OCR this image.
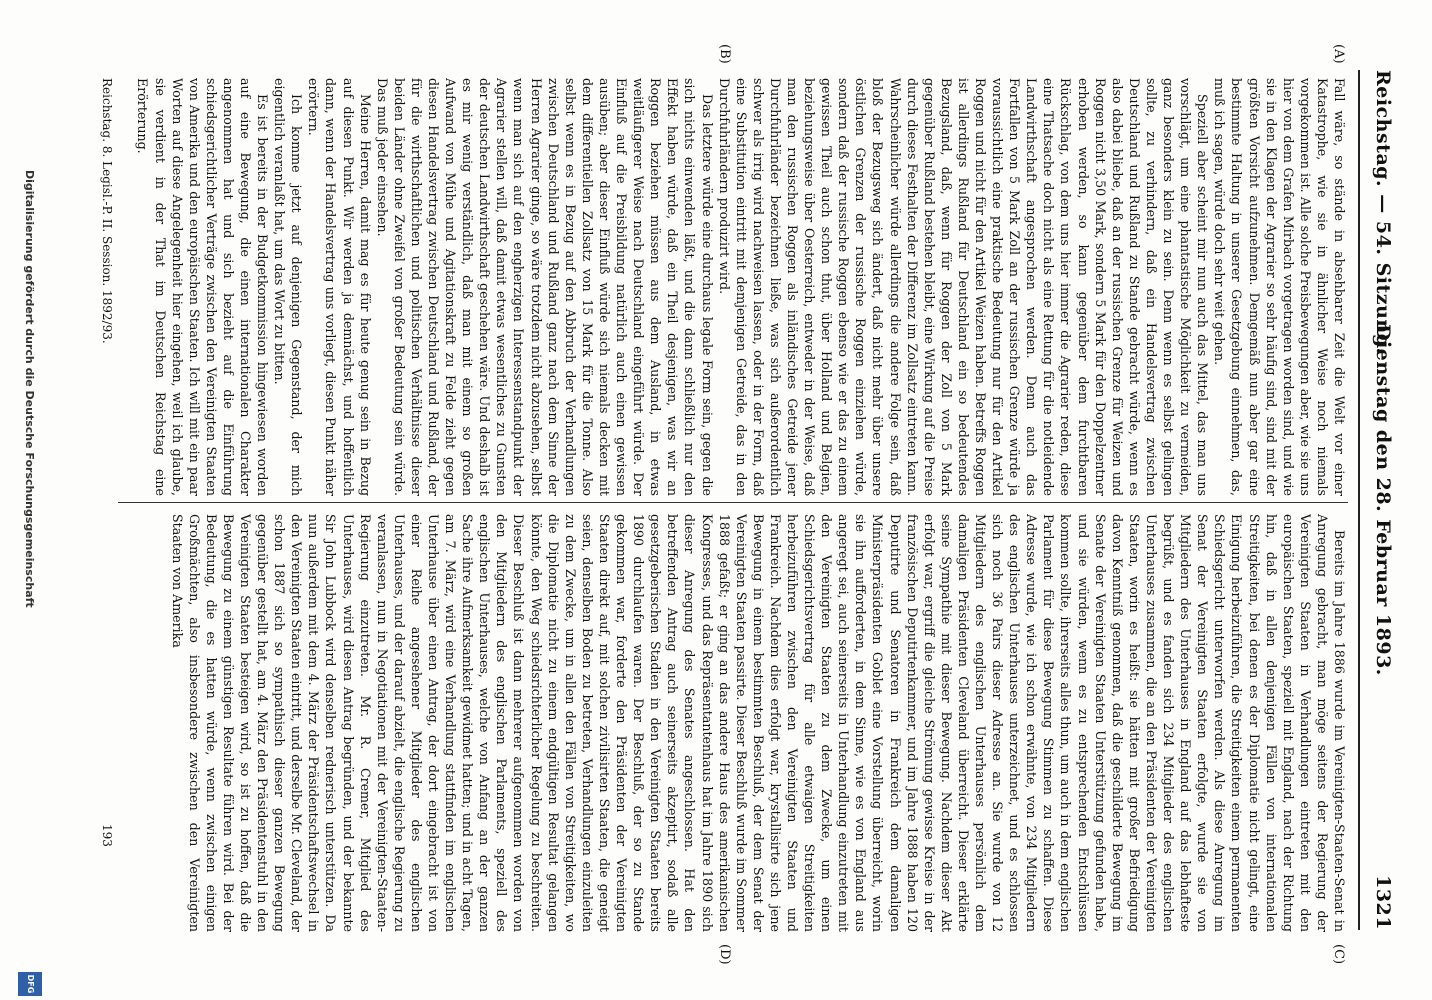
Reichstag. — 54. Sitzung.
Dienstag den 28. Februar 1893.
1321
(A)
(B)
(C)
(D)

Fall wäre, so stände in absehbarer Zeit die Welt vor einer Katastrophe, wie sie in ähnlicher Weise noch niemals vorgekommen ist. Alle solche Preisbewegungen aber, wie sie uns hier von dem Grafen Mirbach vorgetragen worden sind, und wie sie in den Klagen der Agrarier so sehr häufig sind, sind mit der größten Vorsicht aufzunehmen. Demgemäß nun aber gar eine bestimmte Haltung in unserer Gesetzgebung einnehmen, das, muß ich sagen, würde doch sehr weit gehen.

Speziell aber scheint mir nun auch das Mittel, das man uns vorschlägt, um eine phantastische Möglichkeit zu vermeiden, ganz besonders klein zu sein. Denn wenn es selbst gelingen sollte, zu verhindern, daß ein Handelsvertrag zwischen Deutschland und Rußland zu Stande gebracht würde, wenn es also dabei bliebe, daß an der russischen Grenze für Weizen und Roggen nicht 3,50 Mark, sondern 5 Mark für den Doppelzentner erhoben werden, so kann gegenüber dem furchtbaren Rückschlag, von dem uns hier immer die Agrarier reden, diese eine Thatsache doch nicht als eine Rettung für die notleidende Landwirthschaft angesprochen werden. Denn auch das Fortfallen von 5 Mark Zoll an der russischen Grenze würde ja voraussichtlich eine praktische Bedeutung nur für den Artikel Roggen und nicht für den Artikel Weizen haben. Betreffs Roggen ist allerdings Rußland für Deutschland ein so bedeutendes Bezugsland, daß, wenn für Roggen der Zoll von 5 Mark gegenüber Rußland bestehen bleibt, eine Wirkung auf die Preise durch dieses Festhalten der Differenz im Zollsatz eintreten kann. Wahrscheinlicher würde allerdings die andere Folge sein, daß bloß der Bezugsweg sich ändert, daß nicht mehr über unsere östlichen Grenzen der russische Roggen einziehen würde, sondern daß der russische Roggen ebenso wie er das zu einem gewissen Theil auch schon thut, über Holland und Belgien, beziehungsweise über Oesterreich, entweder in der Weise, daß man den russischen Roggen als inländisches Getreide jener Durchfuhrländer bezeichnen ließe, was sich außerordentlich schwer als irrig wird nachweisen lassen, oder in der Form, daß eine Substitution eintritt mit demjenigen Getreide, das in den Durchfuhrländern produzirt wird.

Das letztere würde eine durchaus legale Form sein, gegen die sich nichts einwenden läßt, und die dann schließlich nur den Effekt haben würde, daß ein Theil desjenigen, was wir an Roggen beziehen müssen aus dem Ausland, in etwas weitläufigerer Weise nach Deutschland eingeführt würde. Der Einfluß auf die Preisbildung natürlich auch einen gewissen ausüben; aber dieser Einfluß würde sich niemals decken mit dem differentiellen Zollsatz von 15 Mark für die Tonne. Also selbst wenn es in Bezug auf den Abbruch der Verhandlungen zwischen Deutschland und Rußland ganz nach dem Sinne der Herren Agrarier ginge, so wäre trotzdem nicht abzusehen, selbst wenn man sich auf den engherzigen Interessenstandpunkt der Agrarier stellen will, daß damit etwas wesentliches zu Gunsten der deutschen Landwirthschaft geschehen wäre. Und deshalb ist es mir wenig verständlich, daß man mit einem so großen Aufwand von Mühe und Agitationskraft zu Felde zieht gegen diesen Handelsvertrag zwischen Deutschland und Rußland, der für die wirthschaftlichen und politischen Verhältnisse dieser beiden Länder ohne Zweifel von großer Bedeutung sein würde. Das muß jeder einsehen.

Meine Herren, damit mag es für heute genug sein in Bezug auf diesen Punkt. Wir werden ja demnächst, und hoffentlich dann, wenn der Handelsvertrag uns vorliegt, diesen Punkt näher erörtern.

Ich komme jetzt auf denjenigen Gegenstand, der mich eigentlich veranlaßt hat, um das Wort zu bitten.

Es ist bereits in der Budgetkommission hingewiesen worden auf eine Bewegung, die einen internationalen Charakter angenommen hat und sich bezieht auf die Einführung schiedsgerichtlicher Verträge zwischen den Vereinigten Staaten von Amerika und den europäischen Staaten. Ich will mit ein paar Worten auf diese Angelegenheit hier eingehen, weil ich glaube, sie verdient in der That im Deutschen Reichstag eine Erörterung.

Bereits im Jahre 1886 wurde im Vereinigten-Staaten-Senat in Anregung gebracht, man möge seitens der Regierung der Vereinigten Staaten in Verhandlungen eintreten mit den europäischen Staaten, speziell mit England, nach der Richtung hin, daß in allen denjenigen Fällen von internationalen Streitigkeiten, bei denen es der Diplomatie nicht gelingt, eine Einigung herbeizuführen, die Streitigkeiten einem permanenten Schiedsgericht unterworfen werden. Als diese Anregung im Senat der Vereinigten Staaten erfolgte, wurde sie von Mitgliedern des Unterhauses in England auf das lebhafteste begrüßt, und es fanden sich 234 Mitglieder des englischen Unterhauses zusammen, die an den Präsidenten der Vereinigten Staaten, worin es heißt: sie hätten mit großer Befriedigung davon Kenntniß genommen, daß die geschilderte Bewegung im Senate der Vereinigten Staaten Unterstützung gefunden habe, und sie würden, wenn es zu entsprechenden Entschlüssen kommen sollte, ihrerseits alles thun, um auch in dem englischen Parlament für diese Bewegung Stimmen zu schaffen. Diese Adresse wurde, wie ich schon erwähnte, von 234 Mitgliedern des englischen Unterhauses unterzeichnet, und es schlossen sich noch 36 Pairs dieser Adresse an. Sie wurde von 12 Mitgliedern des englischen Unterhauses persönlich dem damaligen Präsidenten Cleveland überreicht. Dieser erklärte seine Sympathie mit dieser Bewegung. Nachdem dieser Akt erfolgt war, ergriff die gleiche Strömung gewisse Kreise in der französischen Deputirtenkammer, und im Jahre 1888 haben 120 Deputirte und Senatoren in Frankreich dem damaligen Ministerpräsidenten Goblet eine Vorstellung überreicht, worin sie ihn aufforderten, in dem Sinne, wie es von England aus angeregt sei, auch seinerseits in Unterhandlung einzutreten mit den Vereinigten Staaten zu dem Zwecke, um einen Schiedsgerichtsvertrag für alle etwaigen Streitigkeiten herbeizuführen zwischen den Vereinigten Staaten und Frankreich. Nachdem dies erfolgt war, krystallisirte sich jene Bewegung in einem bestimmten Beschluß, der dem Senat der Vereinigten Staaten passirte. Dieser Beschluß wurde im Sommer 1888 gefaßt; er ging an das andere Haus des amerikanischen Kongresses, und das Repräsentantenhaus hat im Jahre 1890 sich dieser Anregung des Senates angeschlossen. Hat den betreffenden Antrag auch seinerseits akzeptirt, sodaß alle gesetzgeberischen Stadien in den Vereinigten Staaten bereits 1890 durchlaufen waren. Der Beschluß, der so zu Stande gekommen war, forderte den Präsidenten der Vereinigten Staaten direkt auf, mit solchen zivilisirten Staaten, die geneigt seien, denselben Boden zu betreten, Verhandlungen einzuleiten zu dem Zwecke, um in allen den Fällen von Streitigkeiten, wo die Diplomatie nicht zu einem endgültigen Resultat gelangen könnte, den Weg schiedsrichterlicher Regelung zu beschreiten. Dieser Beschluß ist dann mehrerer aufgenommen worden von den Mitgliedern des englischen Parlaments, speziell des englischen Unterhauses, welche von Anfang an der ganzen Sache ihre Aufmerksamkeit gewidmet hatten; und in acht Tagen, am 7. März, wird eine Verhandlung stattfinden im englischen Unterhause über einen Antrag, der dort eingebracht ist von einer Reihe angesehener Mitglieder des englischen Unterhauses, und der darauf abzielt, die englische Regierung zu veranlassen, nun in Negotiationen mit der Vereinigten-Staaten-Regierung einzutreten. Mr. R. Cremer, Mitglied des Unterhauses, wird diesen Antrag begründen, und der bekannte Sir John Lubbock wird denselben rednerisch unterstützen. Da nun außerdem mit dem 4. März der Präsidentschaftswechsel in den Vereinigten Staaten eintritt, und derselbe Mr. Cleveland, der schon 1887 sich so sympathisch dieser ganzen Bewegung gegenüber gestellt hat, am 4. März den Präsidentenstuhl in den Vereinigten Staaten besteigen wird, so ist zu hoffen, daß die Bewegung zu einem günstigen Resultate führen wird. Bei der Bedeutung, die es hatten würde, wenn zwischen einigen Großmächten, also insbesondere zwischen den Vereinigten Staaten von Amerika

Reichstag. 8. Legisl.-P. II. Session. 1892/93.
193
Digitalisierung gefördert durch die Deutsche Forschungsgemeinschaft
DFG
